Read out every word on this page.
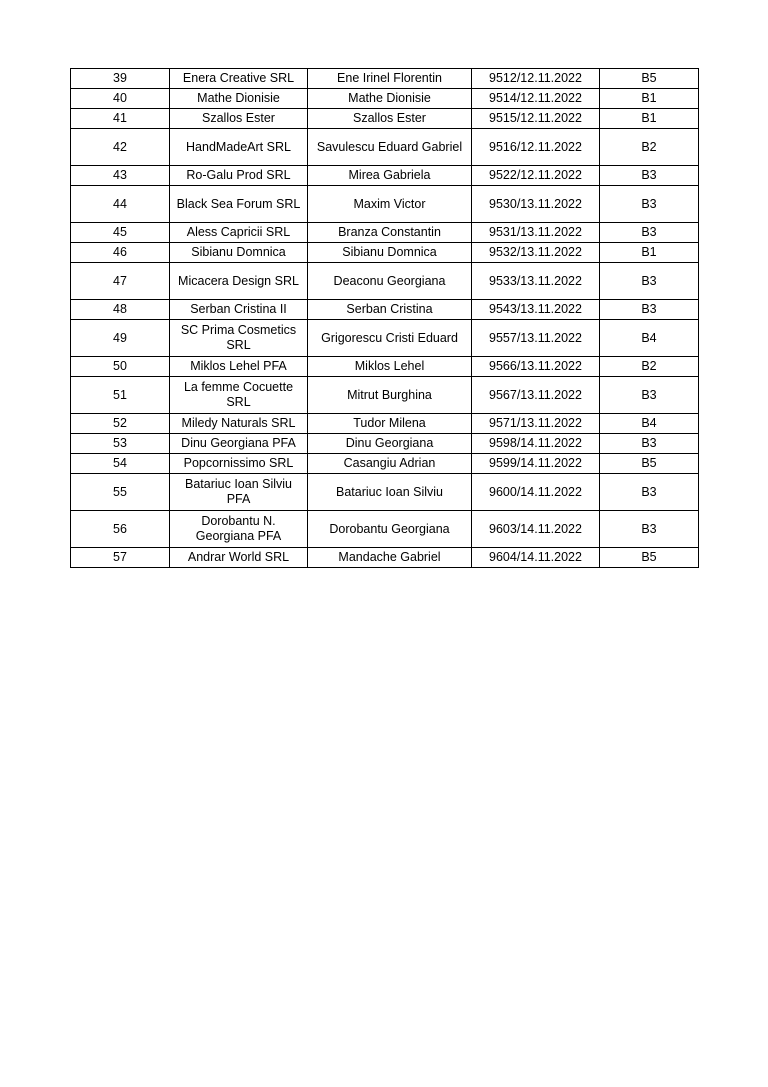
39	Enera Creative SRL	Ene Irinel Florentin	9512/12.11.2022	B5
40	Mathe Dionisie	Mathe Dionisie	9514/12.11.2022	B1
41	Szallos Ester	Szallos Ester	9515/12.11.2022	B1
42	HandMadeArt SRL	Savulescu Eduard Gabriel	9516/12.11.2022	B2
43	Ro-Galu Prod SRL	Mirea Gabriela	9522/12.11.2022	B3
44	Black Sea Forum SRL	Maxim Victor	9530/13.11.2022	B3
45	Aless Capricii SRL	Branza Constantin	9531/13.11.2022	B3
46	Sibianu Domnica	Sibianu Domnica	9532/13.11.2022	B1
47	Micacera Design SRL	Deaconu Georgiana	9533/13.11.2022	B3
48	Serban Cristina II	Serban Cristina	9543/13.11.2022	B3
49	SC Prima Cosmetics SRL	Grigorescu Cristi Eduard	9557/13.11.2022	B4
50	Miklos Lehel PFA	Miklos Lehel	9566/13.11.2022	B2
51	La femme Cocuette SRL	Mitrut Burghina	9567/13.11.2022	B3
52	Miledy Naturals SRL	Tudor Milena	9571/13.11.2022	B4
53	Dinu Georgiana PFA	Dinu Georgiana	9598/14.11.2022	B3
54	Popcornissimo SRL	Casangiu Adrian	9599/14.11.2022	B5
55	Batariuc Ioan Silviu PFA	Batariuc Ioan Silviu	9600/14.11.2022	B3
56	Dorobantu N. Georgiana PFA	Dorobantu Georgiana	9603/14.11.2022	B3
57	Andrar World SRL	Mandache Gabriel	9604/14.11.2022	B5
